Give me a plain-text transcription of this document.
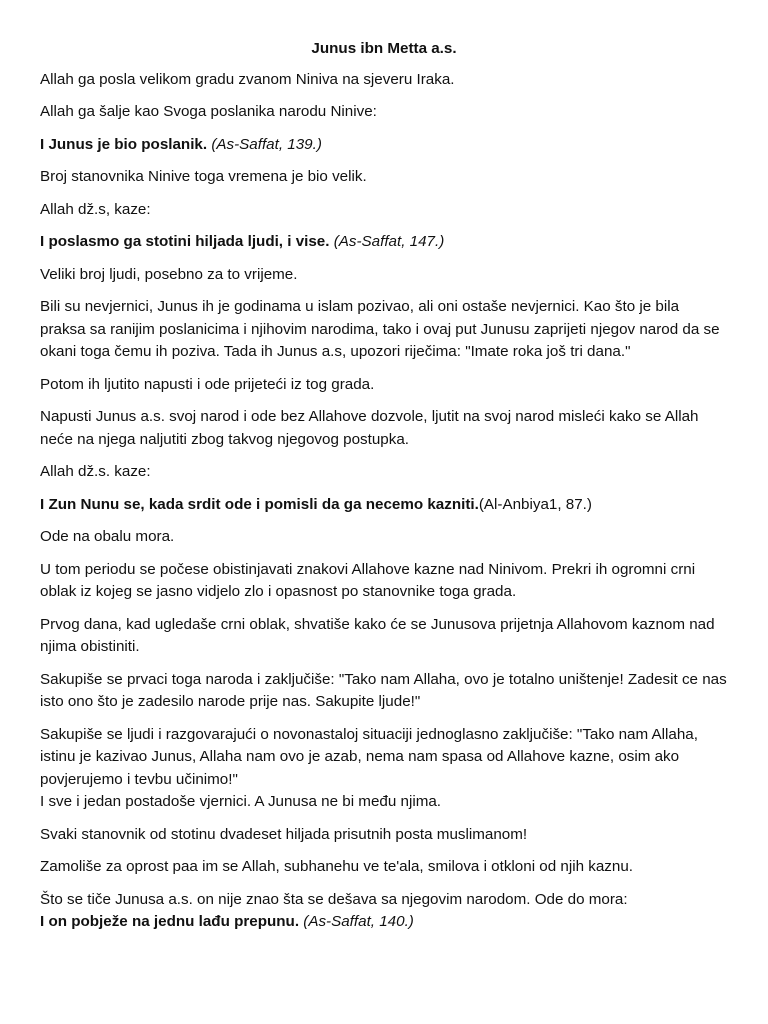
Junus ibn Metta a.s.
Allah ga posla velikom gradu zvanom Niniva na sjeveru Iraka.
Allah ga šalje kao Svoga poslanika narodu Ninive:
I Junus je bio poslanik. (As-Saffat, 139.)
Broj stanovnika Ninive toga vremena je bio velik.
Allah dž.s, kaze:
I poslasmo ga stotini hiljada ljudi, i vise. (As-Saffat, 147.)
Veliki broj ljudi, posebno za to vrijeme.
Bili su nevjernici, Junus ih je godinama u islam pozivao, ali oni ostaše nevjernici. Kao što je bila praksa sa ranijim poslanicima i njihovim narodima, tako i ovaj put Junusu zaprijeti njegov narod da se okani toga čemu ih poziva. Tada ih Junus a.s, upozori riječima: "Imate roka još tri dana."
Potom ih ljutito napusti i ode prijeteći iz tog grada.
Napusti Junus a.s. svoj narod i ode bez Allahove dozvole, ljutit na svoj narod misleći kako se Allah neće na njega naljutiti zbog takvog njegovog postupka.
Allah dž.s. kaze:
I Zun Nunu se, kada srdit ode i pomisli da ga necemo kazniti.(Al-Anbiya1, 87.)
Ode na obalu mora.
U tom periodu se počese obistinjavati znakovi Allahove kazne nad Ninivom. Prekri ih ogromni crni oblak iz kojeg se jasno vidjelo zlo i opasnost po stanovnike toga grada.
Prvog dana, kad ugledaše crni oblak, shvatiše kako će se Junusova prijetnja Allahovom kaznom nad njima obistiniti.
Sakupiše se prvaci toga naroda i zaključiše: "Tako nam Allaha, ovo je totalno uništenje! Zadesit ce nas isto ono što je zadesilo narode prije nas. Sakupite ljude!"
Sakupiše se ljudi i razgovarajući o novonastaloj situaciji jednoglasno zaključiše: "Tako nam Allaha, istinu je kazivao Junus, Allaha nam ovo je azab, nema nam spasa od Allahove kazne, osim ako povjerujemo i tevbu učinimo!"
I sve i jedan postadoše vjernici. A Junusa ne bi među njima.
Svaki stanovnik od stotinu dvadeset hiljada prisutnih posta muslimanom!
Zamoliše za oprost paa im se Allah, subhanehu ve te'ala, smilova i otkloni od njih kaznu.
Što se tiče Junusa a.s. on nije znao šta se dešava sa njegovim narodom. Ode do mora:
I on pobježe na jednu lađu prepunu. (As-Saffat, 140.)
